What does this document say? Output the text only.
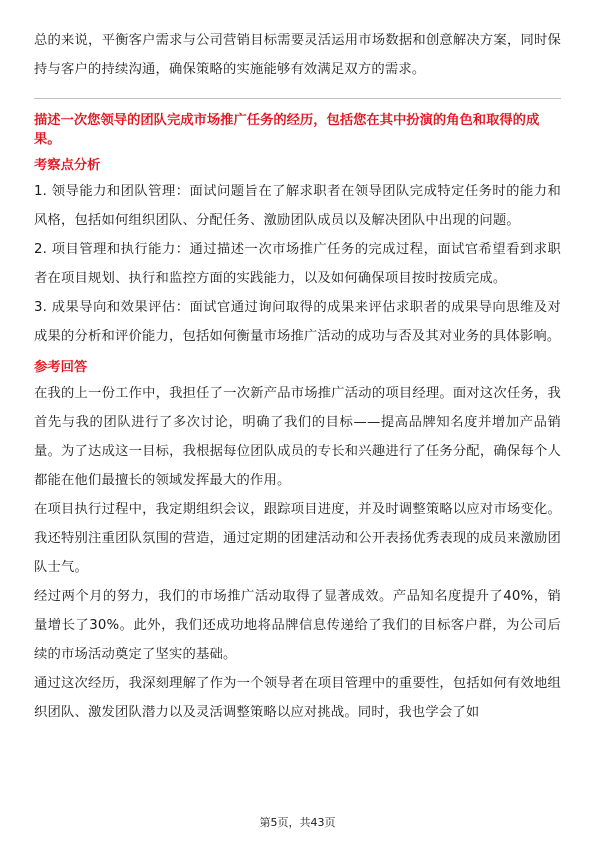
总的来说，平衡客户需求与公司营销目标需要灵活运用市场数据和创意解决方案，同时保持与客户的持续沟通，确保策略的实施能够有效满足双方的需求。

描述一次您领导的团队完成市场推广任务的经历，包括您在其中扮演的角色和取得的成果。

考察点分析

1. 领导能力和团队管理：面试问题旨在了解求职者在领导团队完成特定任务时的能力和风格，包括如何组织团队、分配任务、激励团队成员以及解决团队中出现的问题。

2. 项目管理和执行能力：通过描述一次市场推广任务的完成过程，面试官希望看到求职者在项目规划、执行和监控方面的实践能力，以及如何确保项目按时按质完成。

3. 成果导向和效果评估：面试官通过询问取得的成果来评估求职者的成果导向思维及对成果的分析和评价能力，包括如何衡量市场推广活动的成功与否及其对业务的具体影响。

参考回答

在我的上一份工作中，我担任了一次新产品市场推广活动的项目经理。面对这次任务，我首先与我的团队进行了多次讨论，明确了我们的目标——提高品牌知名度并增加产品销量。为了达成这一目标，我根据每位团队成员的专长和兴趣进行了任务分配，确保每个人都能在他们最擅长的领域发挥最大的作用。

在项目执行过程中，我定期组织会议，跟踪项目进度，并及时调整策略以应对市场变化。我还特别注重团队氛围的营造，通过定期的团建活动和公开表扬优秀表现的成员来激励团队士气。

经过两个月的努力，我们的市场推广活动取得了显著成效。产品知名度提升了40%，销量增长了30%。此外，我们还成功地将品牌信息传递给了我们的目标客户群，为公司后续的市场活动奠定了坚实的基础。

通过这次经历，我深刻理解了作为一个领导者在项目管理中的重要性，包括如何有效地组织团队、激发团队潜力以及灵活调整策略以应对挑战。同时，我也学会了如

第5页，共43页
